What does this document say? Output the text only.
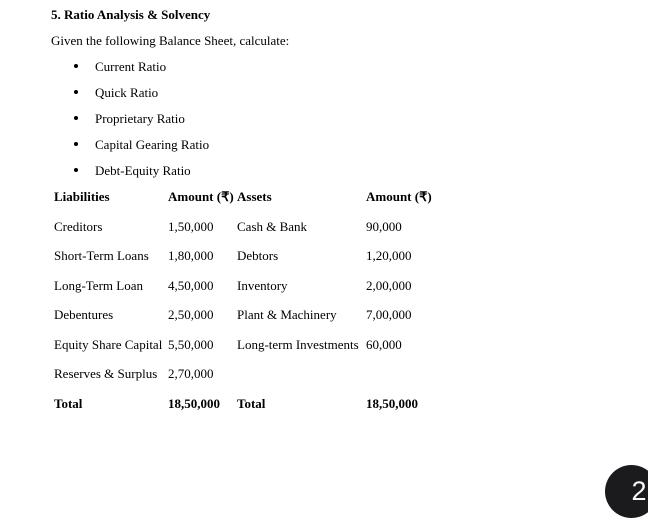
5. Ratio Analysis & Solvency

Given the following Balance Sheet, calculate:

Current Ratio
Quick Ratio
Proprietary Ratio
Capital Gearing Ratio
Debt-Equity Ratio
Liabilities	Amount (₹)	Assets	Amount (₹)
Creditors	1,50,000	Cash & Bank	90,000
Short-Term Loans	1,80,000	Debtors	1,20,000
Long-Term Loan	4,50,000	Inventory	2,00,000
Debentures	2,50,000	Plant & Machinery	7,00,000
Equity Share Capital	5,50,000	Long-term Investments	60,000
Reserves & Surplus	2,70,000		
Total	18,50,000	Total	18,50,000
2
